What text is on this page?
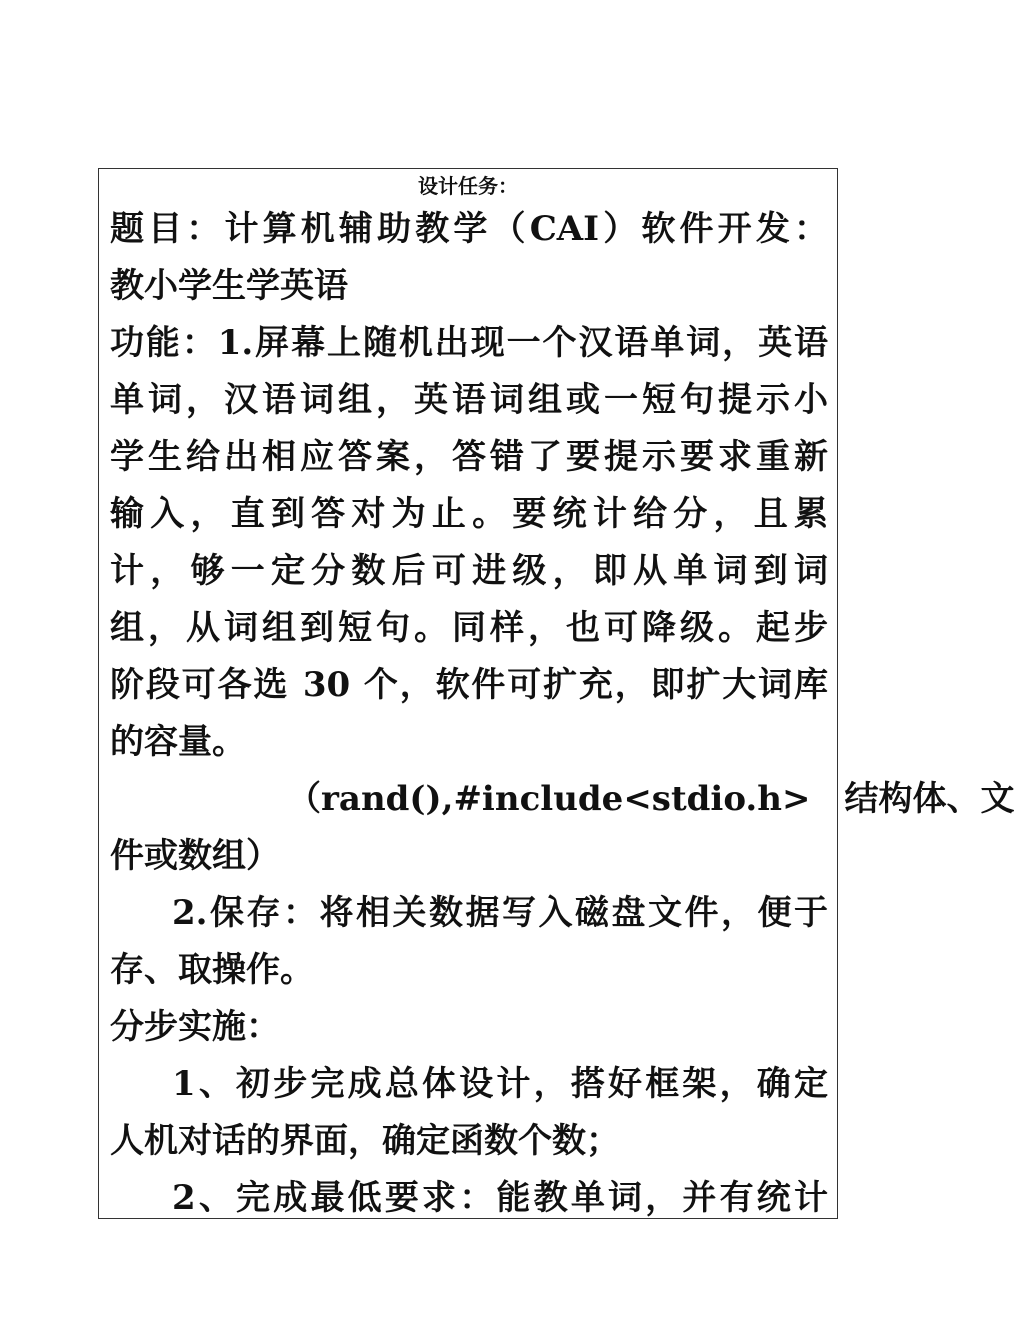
设计任务：
题目：计算机辅助教学（CAI）软件开发：
教小学生学英语
功能：1.屏幕上随机出现一个汉语单词，英语
单词，汉语词组，英语词组或一短句提示小
学生给出相应答案，答错了要提示要求重新
输入，直到答对为止。要统计给分，且累
计，够一定分数后可进级，即从单词到词
组，从词组到短句。同样，也可降级。起步
阶段可各选 30 个，软件可扩充，即扩大词库
的容量。
（rand(),#include<stdio.h>　结构体、文
件或数组）
2.保存：将相关数据写入磁盘文件，便于
存、取操作。
分步实施：
1、初步完成总体设计，搭好框架，确定
人机对话的界面，确定函数个数；
2、完成最低要求：能教单词，并有统计
